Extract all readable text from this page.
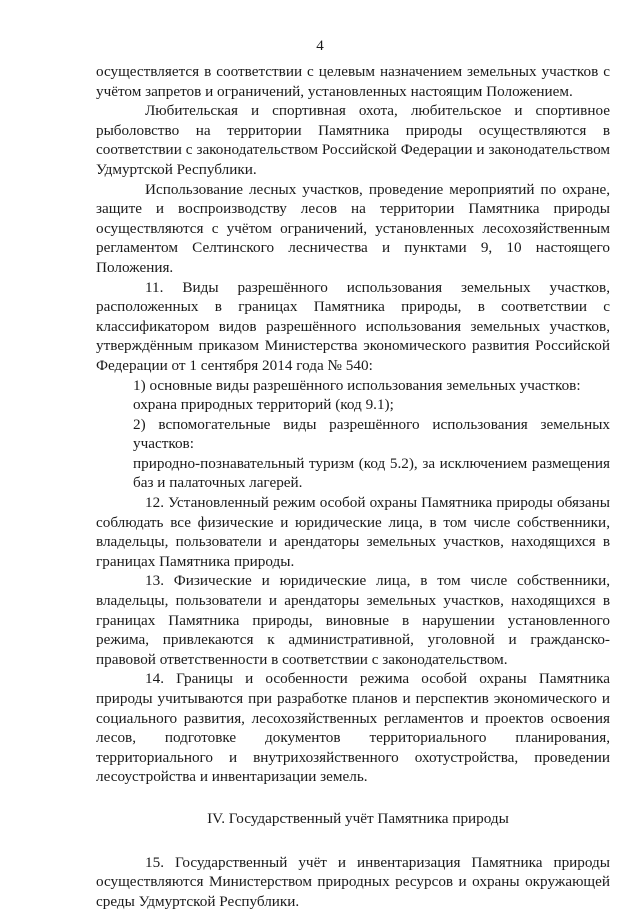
4

осуществляется в соответствии с целевым назначением земельных участков с учётом запретов и ограничений, установленных настоящим Положением.

Любительская и спортивная охота, любительское и спортивное рыболовство на территории Памятника природы осуществляются в соответствии с законодательством Российской Федерации и законодательством Удмуртской Республики.

Использование лесных участков, проведение мероприятий по охране, защите и воспроизводству лесов на территории Памятника природы осуществляются с учётом ограничений, установленных лесохозяйственным регламентом Селтинского лесничества и пунктами 9, 10 настоящего Положения.

11. Виды разрешённого использования земельных участков, расположенных в границах Памятника природы, в соответствии с классификатором видов разрешённого использования земельных участков, утверждённым приказом Министерства экономического развития Российской Федерации от 1 сентября 2014 года № 540:

1) основные виды разрешённого использования земельных участков:

охрана природных территорий (код 9.1);

2) вспомогательные виды разрешённого использования земельных участков:

природно-познавательный туризм (код 5.2), за исключением размещения баз и палаточных лагерей.

12. Установленный режим особой охраны Памятника природы обязаны соблюдать все физические и юридические лица, в том числе собственники, владельцы, пользователи и арендаторы земельных участков, находящихся в границах Памятника природы.

13. Физические и юридические лица, в том числе собственники, владельцы, пользователи и арендаторы земельных участков, находящихся в границах Памятника природы, виновные в нарушении установленного режима, привлекаются к административной, уголовной и гражданско-правовой ответственности в соответствии с законодательством.

14. Границы и особенности режима особой охраны Памятника природы учитываются при разработке планов и перспектив экономического и социального развития, лесохозяйственных регламентов и проектов освоения лесов, подготовке документов территориального планирования, территориального и внутрихозяйственного охотустройства, проведении лесоустройства и инвентаризации земель.

IV. Государственный учёт Памятника природы

15. Государственный учёт и инвентаризация Памятника природы осуществляются Министерством природных ресурсов и охраны окружающей среды Удмуртской Республики.
